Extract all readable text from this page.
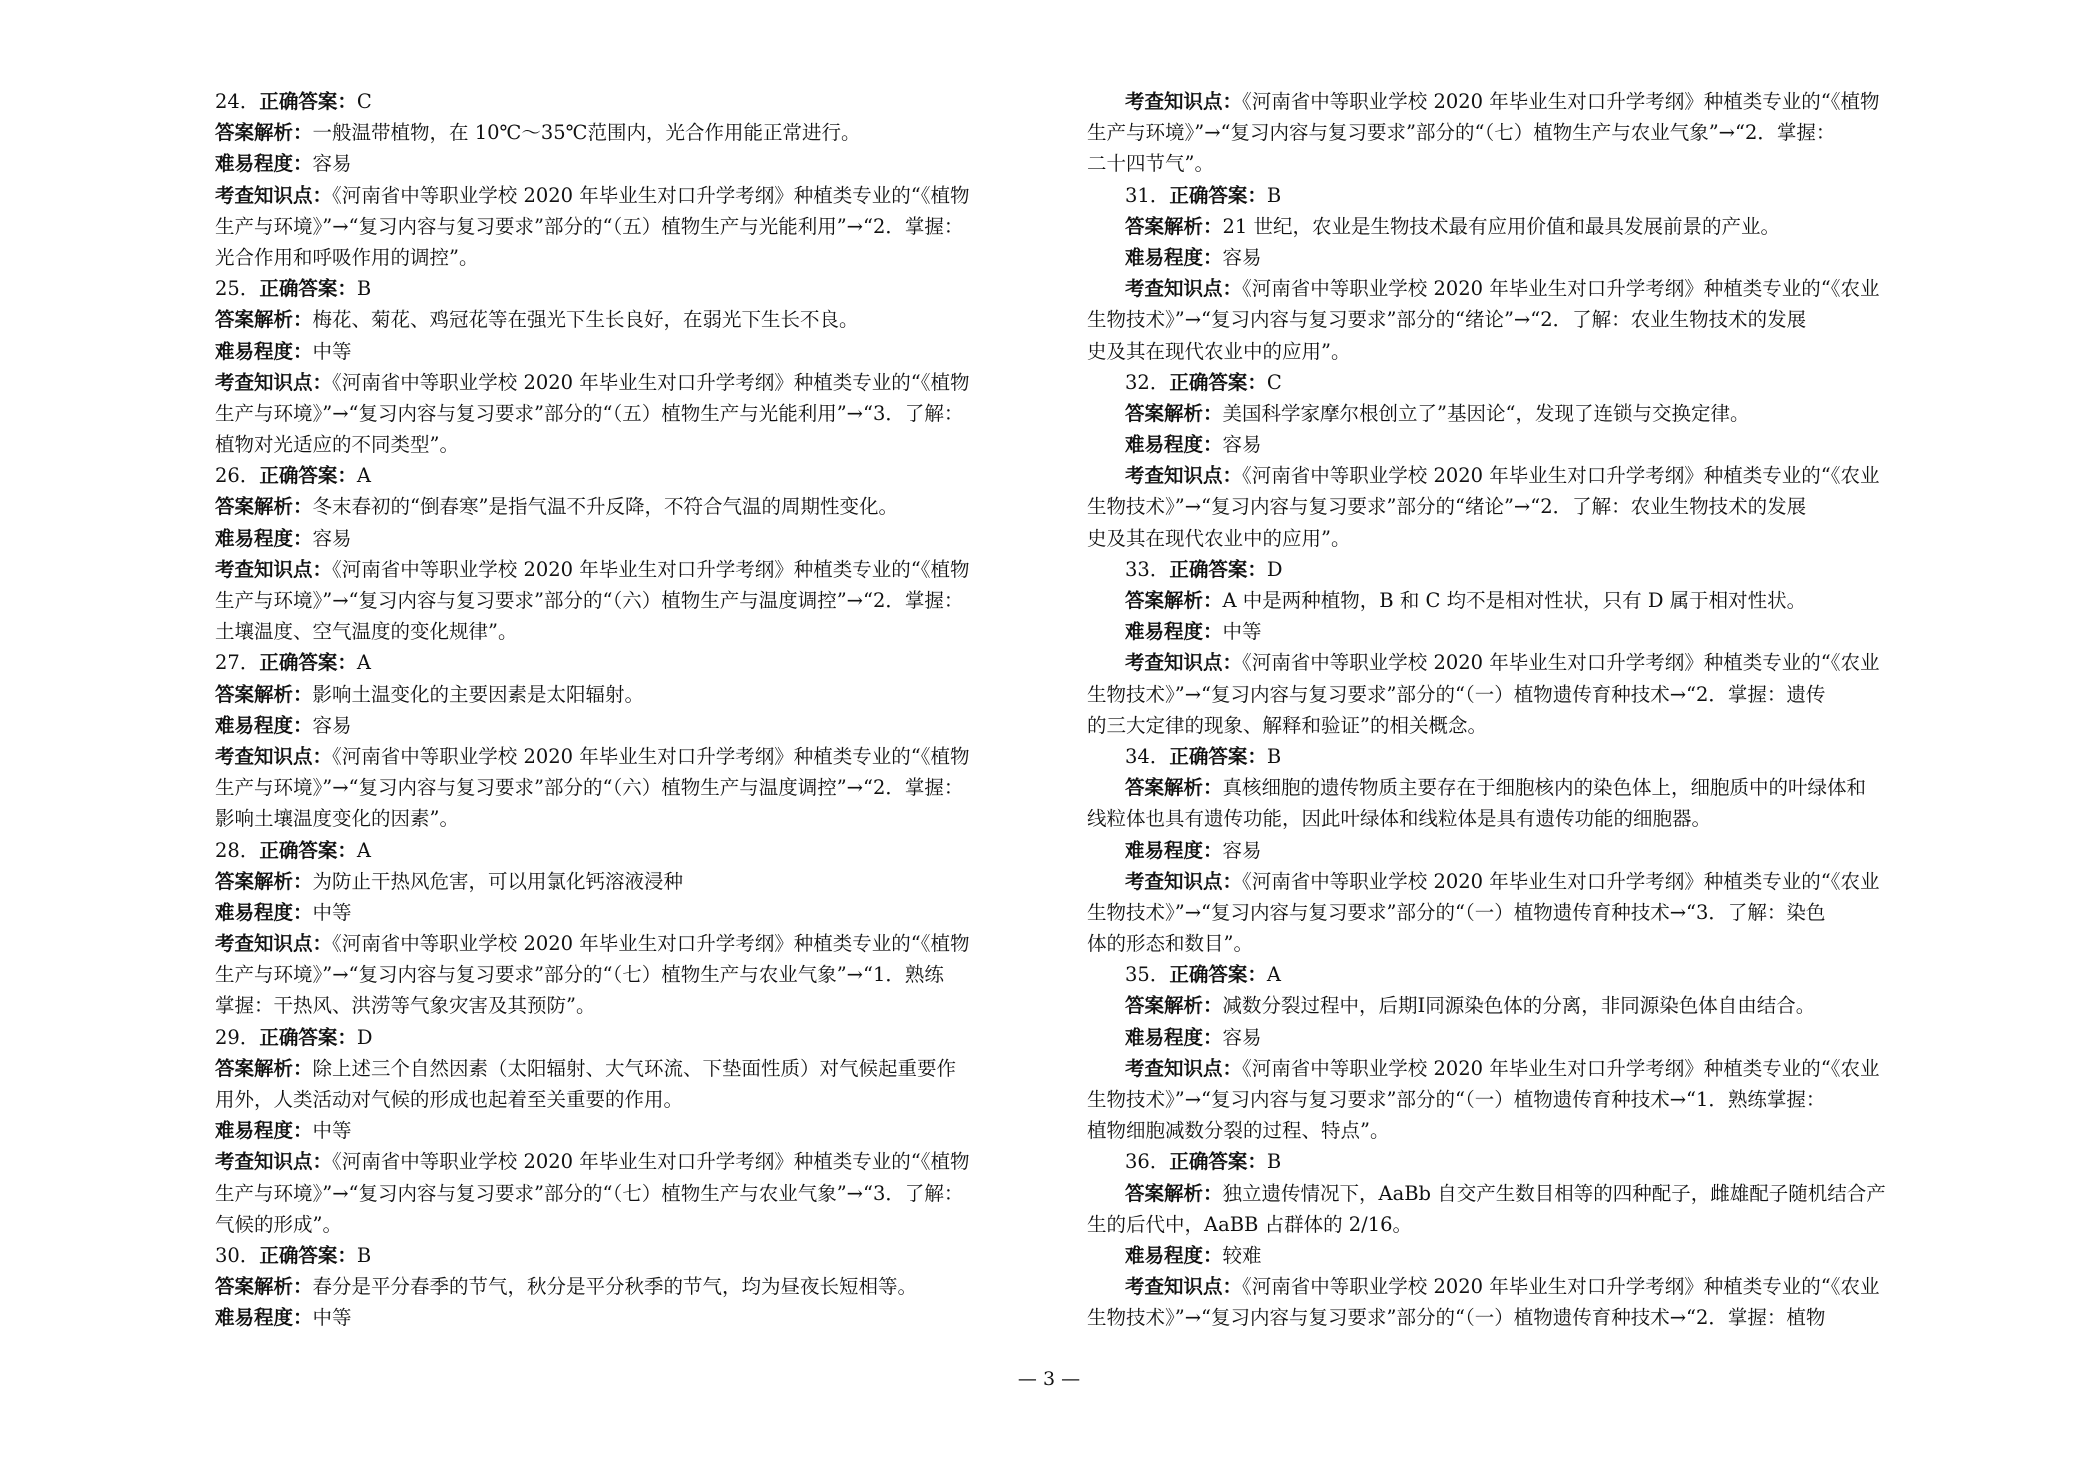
24．正确答案：C
答案解析：一般温带植物，在 10℃～35℃范围内，光合作用能正常进行。
难易程度：容易
考查知识点：《河南省中等职业学校 2020 年毕业生对口升学考纲》种植类专业的“《植物
生产与环境》”→“复习内容与复习要求”部分的“（五）植物生产与光能利用”→“2．掌握：
光合作用和呼吸作用的调控”。
25．正确答案：B
答案解析：梅花、菊花、鸡冠花等在强光下生长良好，在弱光下生长不良。
难易程度：中等
考查知识点：《河南省中等职业学校 2020 年毕业生对口升学考纲》种植类专业的“《植物
生产与环境》”→“复习内容与复习要求”部分的“（五）植物生产与光能利用”→“3．了解：
植物对光适应的不同类型”。
26．正确答案：A
答案解析：冬末春初的“倒春寒”是指气温不升反降，不符合气温的周期性变化。
难易程度：容易
考查知识点：《河南省中等职业学校 2020 年毕业生对口升学考纲》种植类专业的“《植物
生产与环境》”→“复习内容与复习要求”部分的“（六）植物生产与温度调控”→“2．掌握：
土壤温度、空气温度的变化规律”。
27．正确答案：A
答案解析：影响土温变化的主要因素是太阳辐射。
难易程度：容易
考查知识点：《河南省中等职业学校 2020 年毕业生对口升学考纲》种植类专业的“《植物
生产与环境》”→“复习内容与复习要求”部分的“（六）植物生产与温度调控”→“2．掌握：
影响土壤温度变化的因素”。
28．正确答案：A
答案解析：为防止干热风危害，可以用氯化钙溶液浸种
难易程度：中等
考查知识点：《河南省中等职业学校 2020 年毕业生对口升学考纲》种植类专业的“《植物
生产与环境》”→“复习内容与复习要求”部分的“（七）植物生产与农业气象”→“1．熟练
掌握：干热风、洪涝等气象灾害及其预防”。
29．正确答案：D
答案解析：除上述三个自然因素（太阳辐射、大气环流、下垫面性质）对气候起重要作
用外，人类活动对气候的形成也起着至关重要的作用。
难易程度：中等
考查知识点：《河南省中等职业学校 2020 年毕业生对口升学考纲》种植类专业的“《植物
生产与环境》”→“复习内容与复习要求”部分的“（七）植物生产与农业气象”→“3．了解：
气候的形成”。
30．正确答案：B
答案解析：春分是平分春季的节气，秋分是平分秋季的节气，均为昼夜长短相等。
难易程度：中等
考查知识点：《河南省中等职业学校 2020 年毕业生对口升学考纲》种植类专业的“《植物
生产与环境》”→“复习内容与复习要求”部分的“（七）植物生产与农业气象”→“2．掌握：
二十四节气”。
31．正确答案：B
答案解析：21 世纪，农业是生物技术最有应用价值和最具发展前景的产业。
难易程度：容易
考查知识点：《河南省中等职业学校 2020 年毕业生对口升学考纲》种植类专业的“《农业
生物技术》”→“复习内容与复习要求”部分的“绪论”→“2．了解：农业生物技术的发展
史及其在现代农业中的应用”。
32．正确答案：C
答案解析：美国科学家摩尔根创立了”基因论“，发现了连锁与交换定律。
难易程度：容易
考查知识点：《河南省中等职业学校 2020 年毕业生对口升学考纲》种植类专业的“《农业
生物技术》”→“复习内容与复习要求”部分的“绪论”→“2．了解：农业生物技术的发展
史及其在现代农业中的应用”。
33．正确答案：D
答案解析：A 中是两种植物，B 和 C 均不是相对性状，只有 D 属于相对性状。
难易程度：中等
考查知识点：《河南省中等职业学校 2020 年毕业生对口升学考纲》种植类专业的“《农业
生物技术》”→“复习内容与复习要求”部分的“（一）植物遗传育种技术→“2．掌握：遗传
的三大定律的现象、解释和验证”的相关概念。
34．正确答案：B
答案解析：真核细胞的遗传物质主要存在于细胞核内的染色体上，细胞质中的叶绿体和
线粒体也具有遗传功能，因此叶绿体和线粒体是具有遗传功能的细胞器。
难易程度：容易
考查知识点：《河南省中等职业学校 2020 年毕业生对口升学考纲》种植类专业的“《农业
生物技术》”→“复习内容与复习要求”部分的“（一）植物遗传育种技术→“3．了解：染色
体的形态和数目”。
35．正确答案：A
答案解析：减数分裂过程中，后期Ⅰ同源染色体的分离，非同源染色体自由结合。
难易程度：容易
考查知识点：《河南省中等职业学校 2020 年毕业生对口升学考纲》种植类专业的“《农业
生物技术》”→“复习内容与复习要求”部分的“（一）植物遗传育种技术→“1．熟练掌握：
植物细胞减数分裂的过程、特点”。
36．正确答案：B
答案解析：独立遗传情况下，AaBb 自交产生数目相等的四种配子，雌雄配子随机结合产
生的后代中，AaBB 占群体的 2/16。
难易程度：较难
考查知识点：《河南省中等职业学校 2020 年毕业生对口升学考纲》种植类专业的“《农业
生物技术》”→“复习内容与复习要求”部分的“（一）植物遗传育种技术→“2．掌握：植物
— 3 —
